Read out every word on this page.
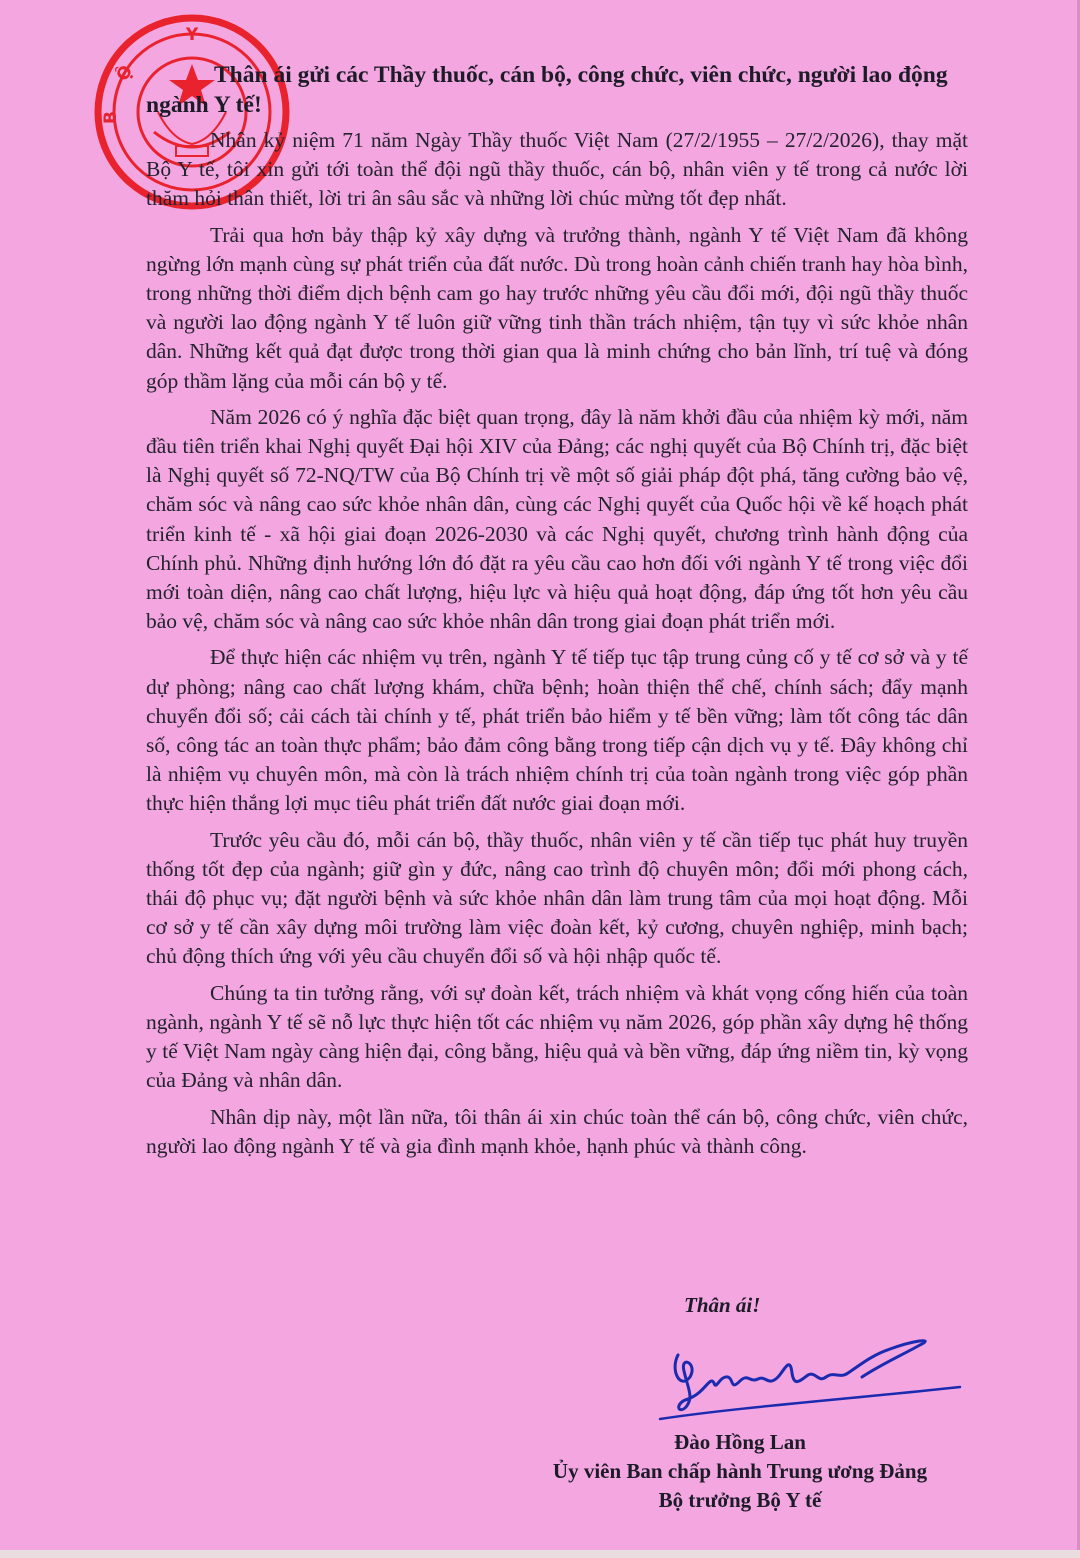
Y
Ộ
B
Thân ái gửi các Thầy thuốc, cán bộ, công chức, viên chức, người lao động ngành Y tế!

Nhân kỷ niệm 71 năm Ngày Thầy thuốc Việt Nam (27/2/1955 – 27/2/2026), thay mặt Bộ Y tế, tôi xin gửi tới toàn thể đội ngũ thầy thuốc, cán bộ, nhân viên y tế trong cả nước lời thăm hỏi thân thiết, lời tri ân sâu sắc và những lời chúc mừng tốt đẹp nhất.

Trải qua hơn bảy thập kỷ xây dựng và trưởng thành, ngành Y tế Việt Nam đã không ngừng lớn mạnh cùng sự phát triển của đất nước. Dù trong hoàn cảnh chiến tranh hay hòa bình, trong những thời điểm dịch bệnh cam go hay trước những yêu cầu đổi mới, đội ngũ thầy thuốc và người lao động ngành Y tế luôn giữ vững tinh thần trách nhiệm, tận tụy vì sức khỏe nhân dân. Những kết quả đạt được trong thời gian qua là minh chứng cho bản lĩnh, trí tuệ và đóng góp thầm lặng của mỗi cán bộ y tế.

Năm 2026 có ý nghĩa đặc biệt quan trọng, đây là năm khởi đầu của nhiệm kỳ mới, năm đầu tiên triển khai Nghị quyết Đại hội XIV của Đảng; các nghị quyết của Bộ Chính trị, đặc biệt là Nghị quyết số 72-NQ/TW của Bộ Chính trị về một số giải pháp đột phá, tăng cường bảo vệ, chăm sóc và nâng cao sức khỏe nhân dân, cùng các Nghị quyết của Quốc hội về kế hoạch phát triển kinh tế - xã hội giai đoạn 2026-2030 và các Nghị quyết, chương trình hành động của Chính phủ. Những định hướng lớn đó đặt ra yêu cầu cao hơn đối với ngành Y tế trong việc đổi mới toàn diện, nâng cao chất lượng, hiệu lực và hiệu quả hoạt động, đáp ứng tốt hơn yêu cầu bảo vệ, chăm sóc và nâng cao sức khỏe nhân dân trong giai đoạn phát triển mới.

Để thực hiện các nhiệm vụ trên, ngành Y tế tiếp tục tập trung củng cố y tế cơ sở và y tế dự phòng; nâng cao chất lượng khám, chữa bệnh; hoàn thiện thể chế, chính sách; đẩy mạnh chuyển đổi số; cải cách tài chính y tế, phát triển bảo hiểm y tế bền vững; làm tốt công tác dân số, công tác an toàn thực phẩm; bảo đảm công bằng trong tiếp cận dịch vụ y tế. Đây không chỉ là nhiệm vụ chuyên môn, mà còn là trách nhiệm chính trị của toàn ngành trong việc góp phần thực hiện thắng lợi mục tiêu phát triển đất nước giai đoạn mới.

Trước yêu cầu đó, mỗi cán bộ, thầy thuốc, nhân viên y tế cần tiếp tục phát huy truyền thống tốt đẹp của ngành; giữ gìn y đức, nâng cao trình độ chuyên môn; đổi mới phong cách, thái độ phục vụ; đặt người bệnh và sức khỏe nhân dân làm trung tâm của mọi hoạt động. Mỗi cơ sở y tế cần xây dựng môi trường làm việc đoàn kết, kỷ cương, chuyên nghiệp, minh bạch; chủ động thích ứng với yêu cầu chuyển đổi số và hội nhập quốc tế.

Chúng ta tin tưởng rằng, với sự đoàn kết, trách nhiệm và khát vọng cống hiến của toàn ngành, ngành Y tế sẽ nỗ lực thực hiện tốt các nhiệm vụ năm 2026, góp phần xây dựng hệ thống y tế Việt Nam ngày càng hiện đại, công bằng, hiệu quả và bền vững, đáp ứng niềm tin, kỳ vọng của Đảng và nhân dân.

Nhân dịp này, một lần nữa, tôi thân ái xin chúc toàn thể cán bộ, công chức, viên chức, người lao động ngành Y tế và gia đình mạnh khỏe, hạnh phúc và thành công.

Thân ái!
Đào Hồng Lan
Ủy viên Ban chấp hành Trung ương Đảng
Bộ trưởng Bộ Y tế
